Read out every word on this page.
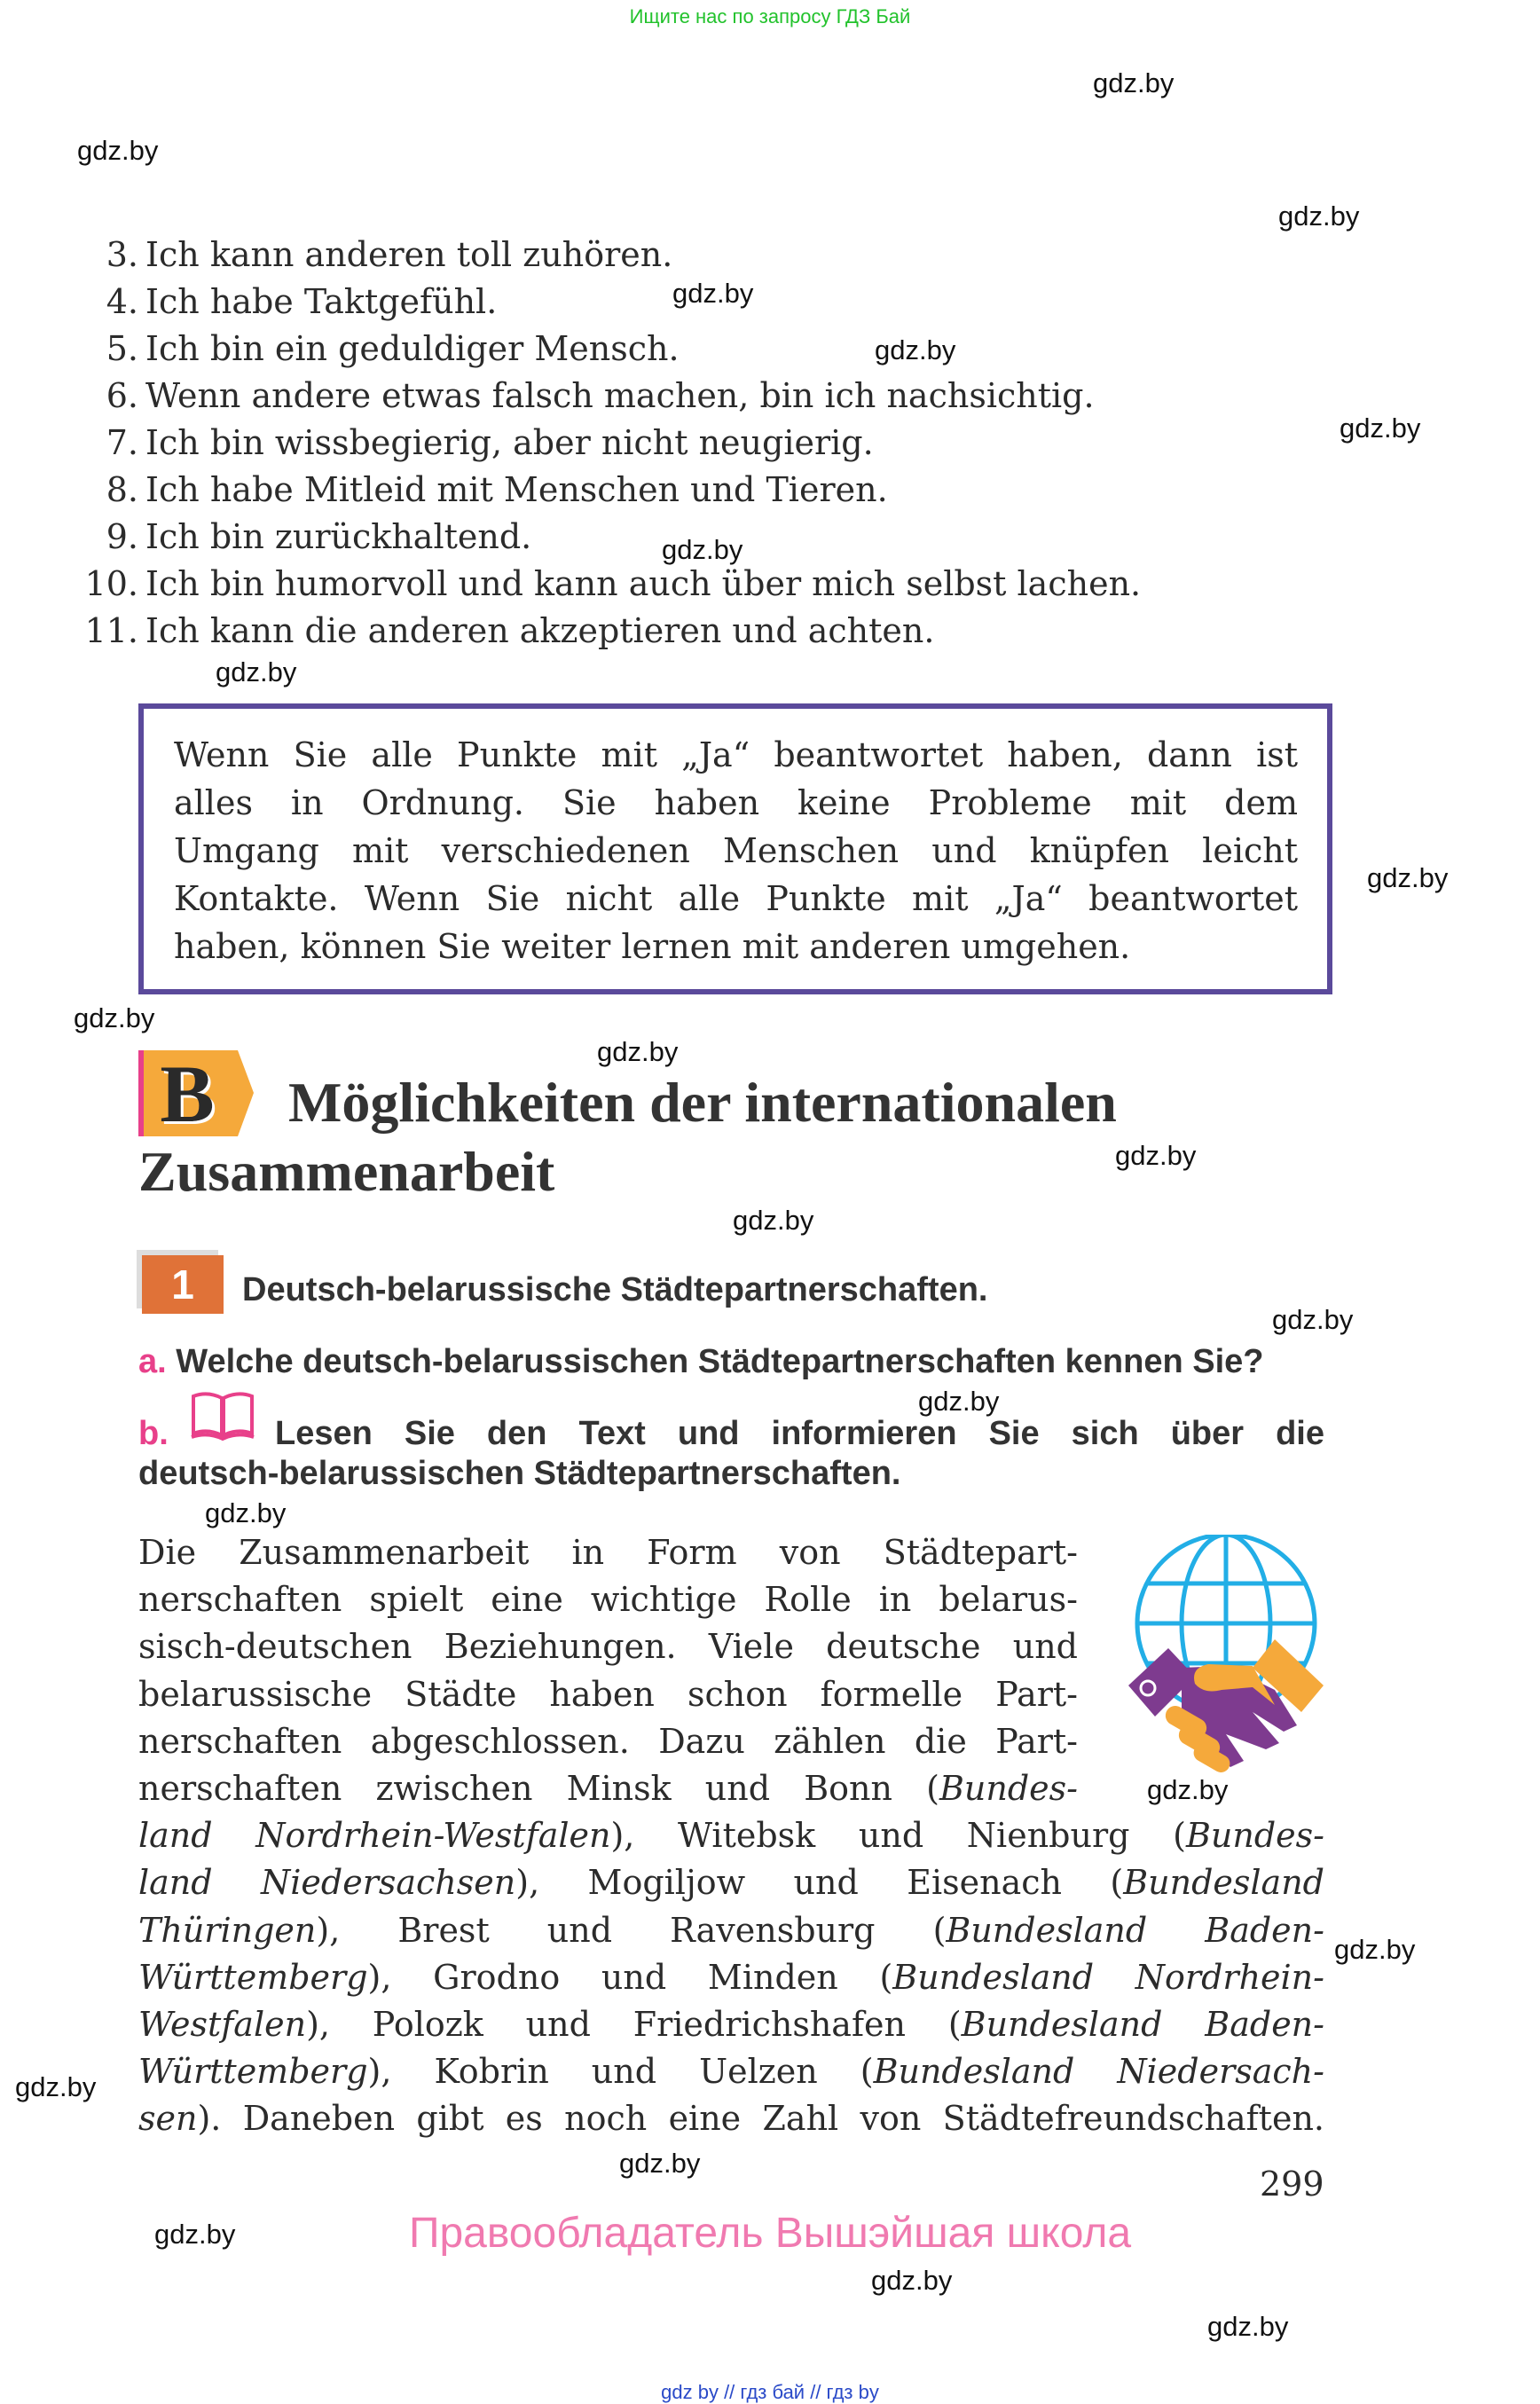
Ищите нас по запросу ГДЗ Бай
3. Ich kann anderen toll zuhören.
4. Ich habe Taktgefühl.
5. Ich bin ein geduldiger Mensch.
6. Wenn andere etwas falsch machen, bin ich nachsichtig.
7. Ich bin wissbegierig, aber nicht neugierig.
8. Ich habe Mitleid mit Menschen und Tieren.
9. Ich bin zurückhaltend.
10. Ich bin humorvoll und kann auch über mich selbst lachen.
11. Ich kann die anderen akzeptieren und achten.
Wenn Sie alle Punkte mit „Ja“ beantwortet haben, dann ist
alles in Ordnung. Sie haben keine Probleme mit dem
Umgang mit verschiedenen Menschen und knüpfen leicht
Kontakte. Wenn Sie nicht alle Punkte mit „Ja“ beantwortet
haben, können Sie weiter lernen mit anderen umgehen.
B Möglichkeiten der internationalen
Zusammenarbeit
1	Deutsch-belarussische Städtepartnerschaften.
a. Welche deutsch-belarussischen Städtepartnerschaften kennen Sie?
b.	Lesen Sie den Text und informieren Sie sich über die
deutsch-belarussischen Städtepartnerschaften.
Die Zusammenarbeit in Form von Städtepart-
nerschaften spielt eine wichtige Rolle in belarus-
sisch-deutschen Beziehungen. Viele deutsche und
belarussische Städte haben schon formelle Part-
nerschaften abgeschlossen. Dazu zählen die Part-
nerschaften zwischen Minsk und Bonn (Bundes-
land Nordrhein-Westfalen), Witebsk und Nienburg (Bundes-
land Niedersachsen), Mogiljow und Eisenach (Bundesland
Thüringen), Brest und Ravensburg (Bundesland Baden-
Württemberg), Grodno und Minden (Bundesland Nordrhein-
Westfalen), Polozk und Friedrichshafen (Bundesland Baden-
Württemberg), Kobrin und Uelzen (Bundesland Niedersach-
sen). Daneben gibt es noch eine Zahl von Städtefreundschaften.
299
Правообладатель Вышэйшая школа
gdz by // гдз бай // гдз by
gdz.by
gdz.by
gdz.by
gdz.by
gdz.by
gdz.by
gdz.by
gdz.by
gdz.by
gdz.by
gdz.by
gdz.by
gdz.by
gdz.by
gdz.by
gdz.by
gdz.by
gdz.by
gdz.by
gdz.by
gdz.by
gdz.by
gdz.by
